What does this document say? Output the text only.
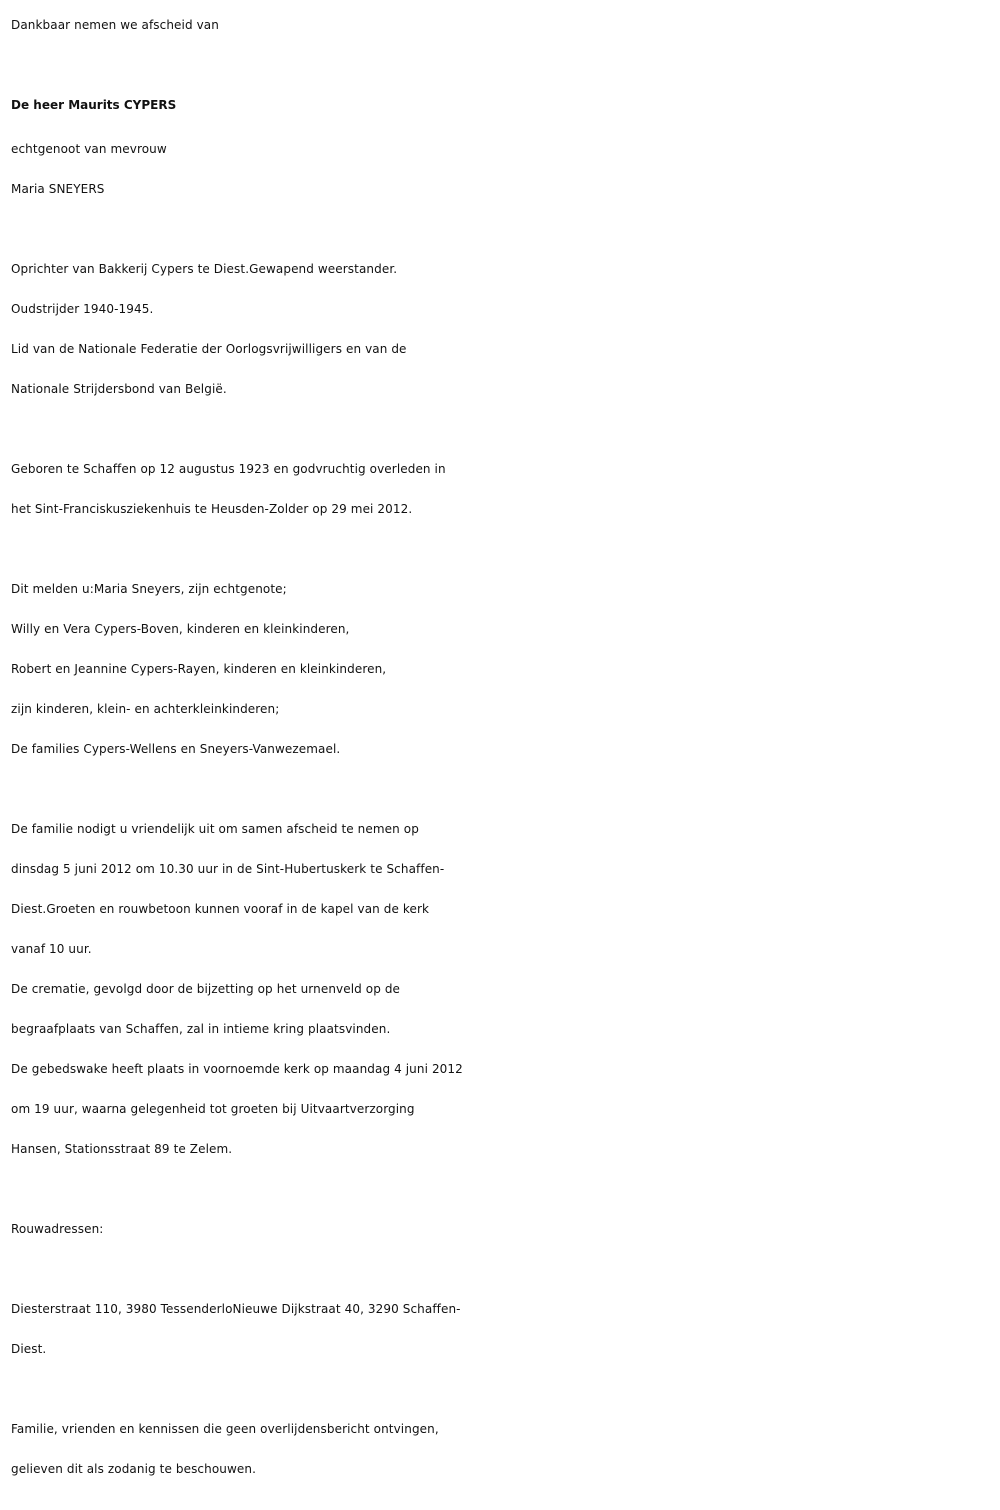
Dankbaar nemen we afscheid van
De heer Maurits CYPERS
echtgenoot van mevrouw
Maria SNEYERS
Oprichter van Bakkerij Cypers te Diest.Gewapend weerstander.
Oudstrijder 1940-1945.
Lid van de Nationale Federatie der Oorlogsvrijwilligers en van de
Nationale Strijdersbond van België.
Geboren te Schaffen op 12 augustus 1923 en godvruchtig overleden in
het Sint-Franciskusziekenhuis te Heusden-Zolder op 29 mei 2012.
Dit melden u:Maria Sneyers, zijn echtgenote;
Willy en Vera Cypers-Boven, kinderen en kleinkinderen,
Robert en Jeannine Cypers-Rayen, kinderen en kleinkinderen,
zijn kinderen, klein- en achterkleinkinderen;
De families Cypers-Wellens en Sneyers-Vanwezemael.
De familie nodigt u vriendelijk uit om samen afscheid te nemen op
dinsdag 5 juni 2012 om 10.30 uur in de Sint-Hubertuskerk te Schaffen-
Diest.Groeten en rouwbetoon kunnen vooraf in de kapel van de kerk
vanaf 10 uur.
De crematie, gevolgd door de bijzetting op het urnenveld op de
begraafplaats van Schaffen, zal in intieme kring plaatsvinden.
De gebedswake heeft plaats in voornoemde kerk op maandag 4 juni 2012
om 19 uur, waarna gelegenheid tot groeten bij Uitvaartverzorging
Hansen, Stationsstraat 89 te Zelem.
Rouwadressen:
Diesterstraat 110, 3980 TessenderloNieuwe Dijkstraat 40, 3290 Schaffen-
Diest.
Familie, vrienden en kennissen die geen overlijdensbericht ontvingen,
gelieven dit als zodanig te beschouwen.
